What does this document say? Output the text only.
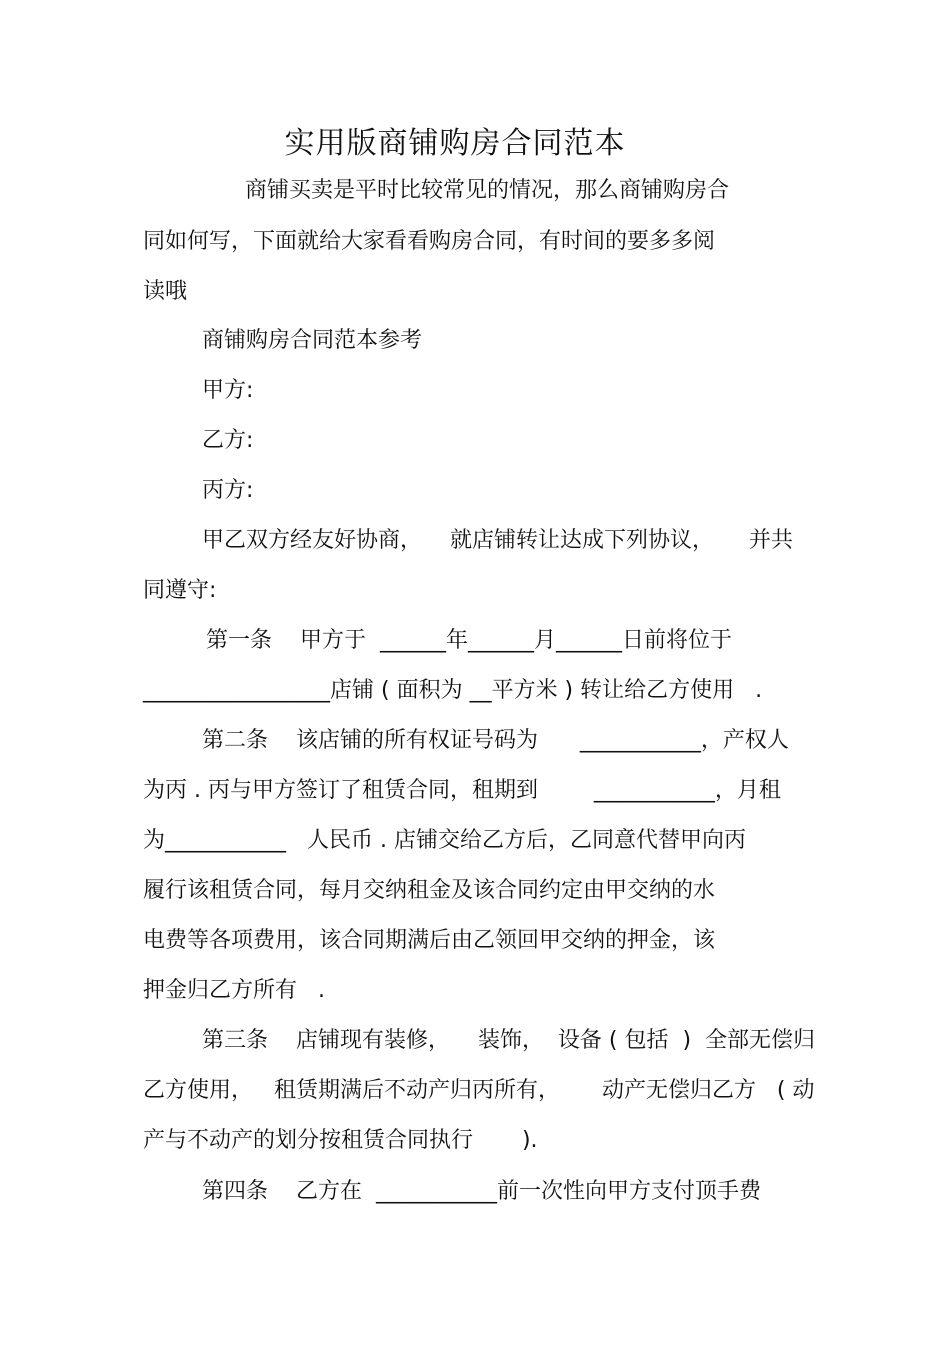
实用版商铺购房合同范本
商铺买卖是平时比较常见的情况，那么商铺购房合
同如何写，下面就给大家看看购房合同，有时间的要多多阅
读哦
商铺购房合同范本参考
甲方:
乙方:
丙方:
甲乙双方经友好协商，    就店铺转让达成下列协议，     并共
同遵守:
第一条    甲方于  ______年______月______日前将位于
_________________店铺 ( 面积为 __平方米 ) 转让给乙方使用   .
第二条    该店铺的所有权证号码为      ___________，产权人
为丙 . 丙与甲方签订了租赁合同，租期到        ___________，月租
为___________   人民币 . 店铺交给乙方后，乙同意代替甲向丙
履行该租赁合同，每月交纳租金及该合同约定由甲交纳的水
电费等各项费用，该合同期满后由乙领回甲交纳的押金，该
押金归乙方所有   .
第三条    店铺现有装修，    装饰，  设备 ( 包括  )  全部无偿归
乙方使用，   租赁期满后不动产归丙所有，      动产无偿归乙方   ( 动
产与不动产的划分按租赁合同执行       ).
第四条    乙方在  ___________前一次性向甲方支付顶手费
